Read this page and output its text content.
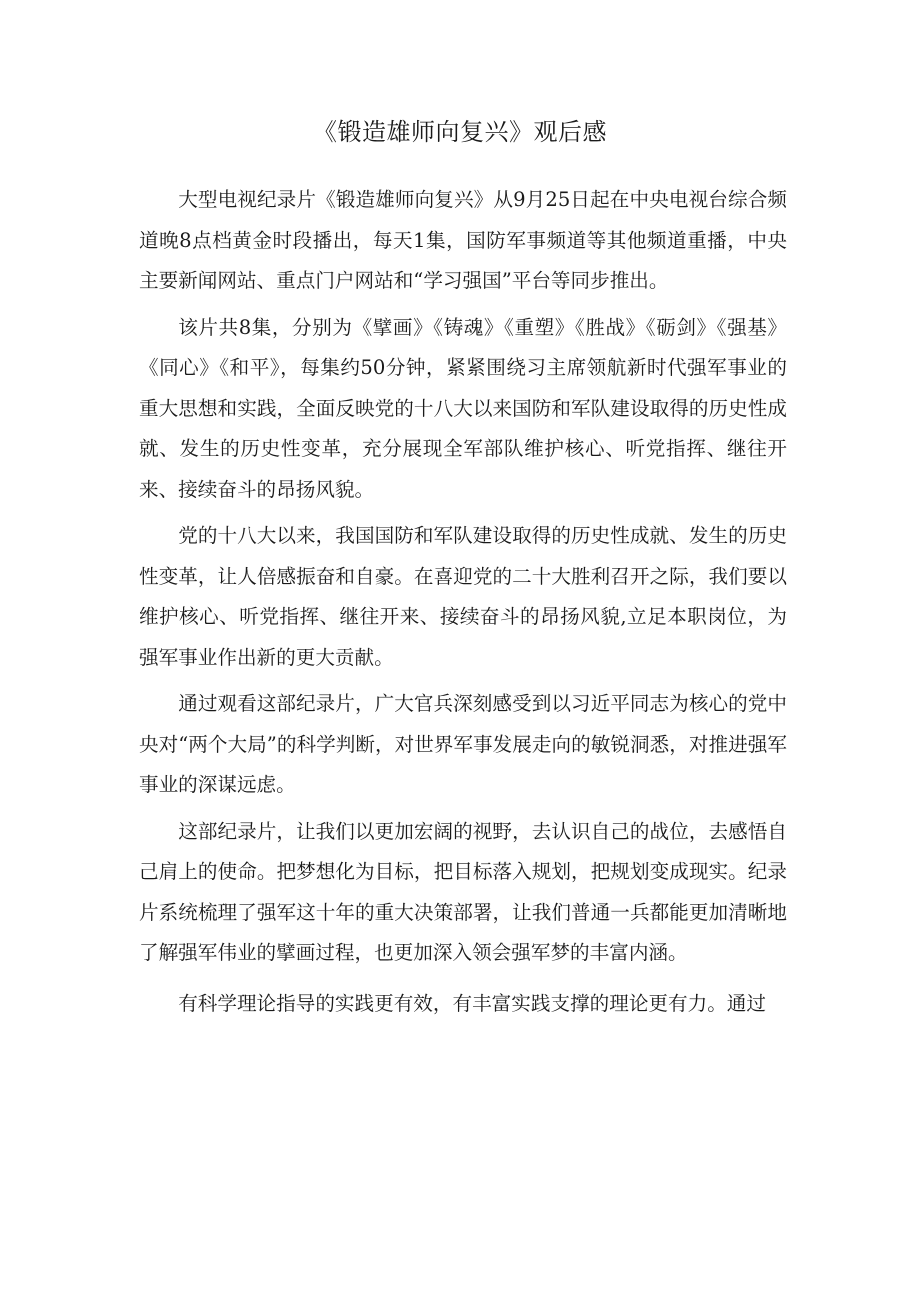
《锻造雄师向复兴》观后感

大型电视纪录片《锻造雄师向复兴》从9月25日起在中央电视台综合频道晚8点档黄金时段播出，每天1集，国防军事频道等其他频道重播，中央主要新闻网站、重点门户网站和“学习强国”平台等同步推出。

该片共8集，分别为《擘画》《铸魂》《重塑》《胜战》《砺剑》《强基》《同心》《和平》，每集约50分钟，紧紧围绕习主席领航新时代强军事业的重大思想和实践，全面反映党的十八大以来国防和军队建设取得的历史性成就、发生的历史性变革，充分展现全军部队维护核心、听党指挥、继往开来、接续奋斗的昂扬风貌。

党的十八大以来，我国国防和军队建设取得的历史性成就、发生的历史性变革，让人倍感振奋和自豪。在喜迎党的二十大胜利召开之际，我们要以维护核心、听党指挥、继往开来、接续奋斗的昂扬风貌,立足本职岗位，为强军事业作出新的更大贡献。

通过观看这部纪录片，广大官兵深刻感受到以习近平同志为核心的党中央对“两个大局”的科学判断，对世界军事发展走向的敏锐洞悉，对推进强军事业的深谋远虑。

这部纪录片，让我们以更加宏阔的视野，去认识自己的战位，去感悟自己肩上的使命。把梦想化为目标，把目标落入规划，把规划变成现实。纪录片系统梳理了强军这十年的重大决策部署，让我们普通一兵都能更加清晰地了解强军伟业的擘画过程，也更加深入领会强军梦的丰富内涵。

有科学理论指导的实践更有效，有丰富实践支撑的理论更有力。通过
